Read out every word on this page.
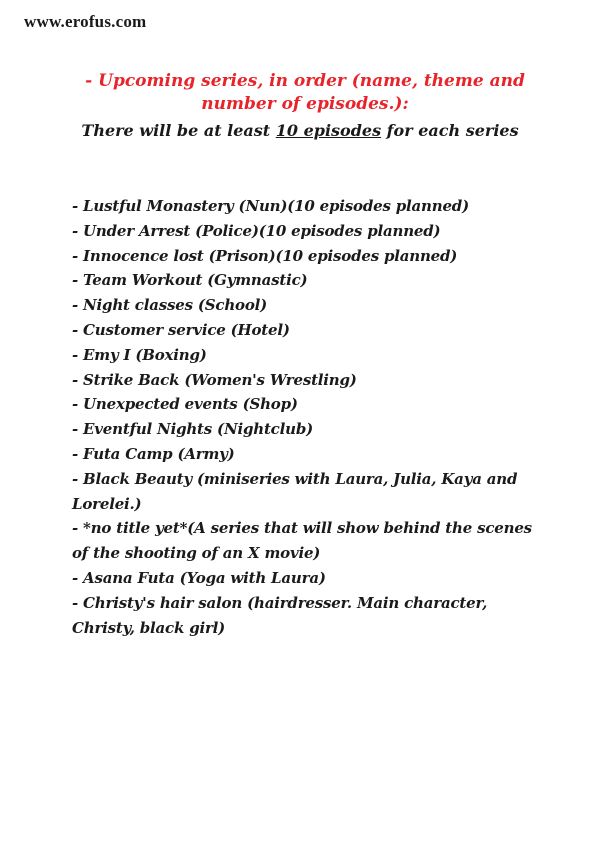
www.erofus.com
- Upcoming series, in order (name, theme and number of episodes.):
There will be at least 10 episodes for each series
- Lustful Monastery (Nun)(10 episodes planned)
- Under Arrest (Police)(10 episodes planned)
- Innocence lost (Prison)(10 episodes planned)
- Team Workout (Gymnastic)
- Night classes (School)
- Customer service (Hotel)
- Emy I (Boxing)
- Strike Back (Women's Wrestling)
- Unexpected events (Shop)
- Eventful Nights (Nightclub)
- Futa Camp (Army)
- Black Beauty (miniseries with Laura, Julia, Kaya and Lorelei.)
- *no title yet*(A series that will show behind the scenes of the shooting of an X movie)
- Asana Futa (Yoga with Laura)
- Christy's hair salon (hairdresser. Main character, Christy, black girl)
